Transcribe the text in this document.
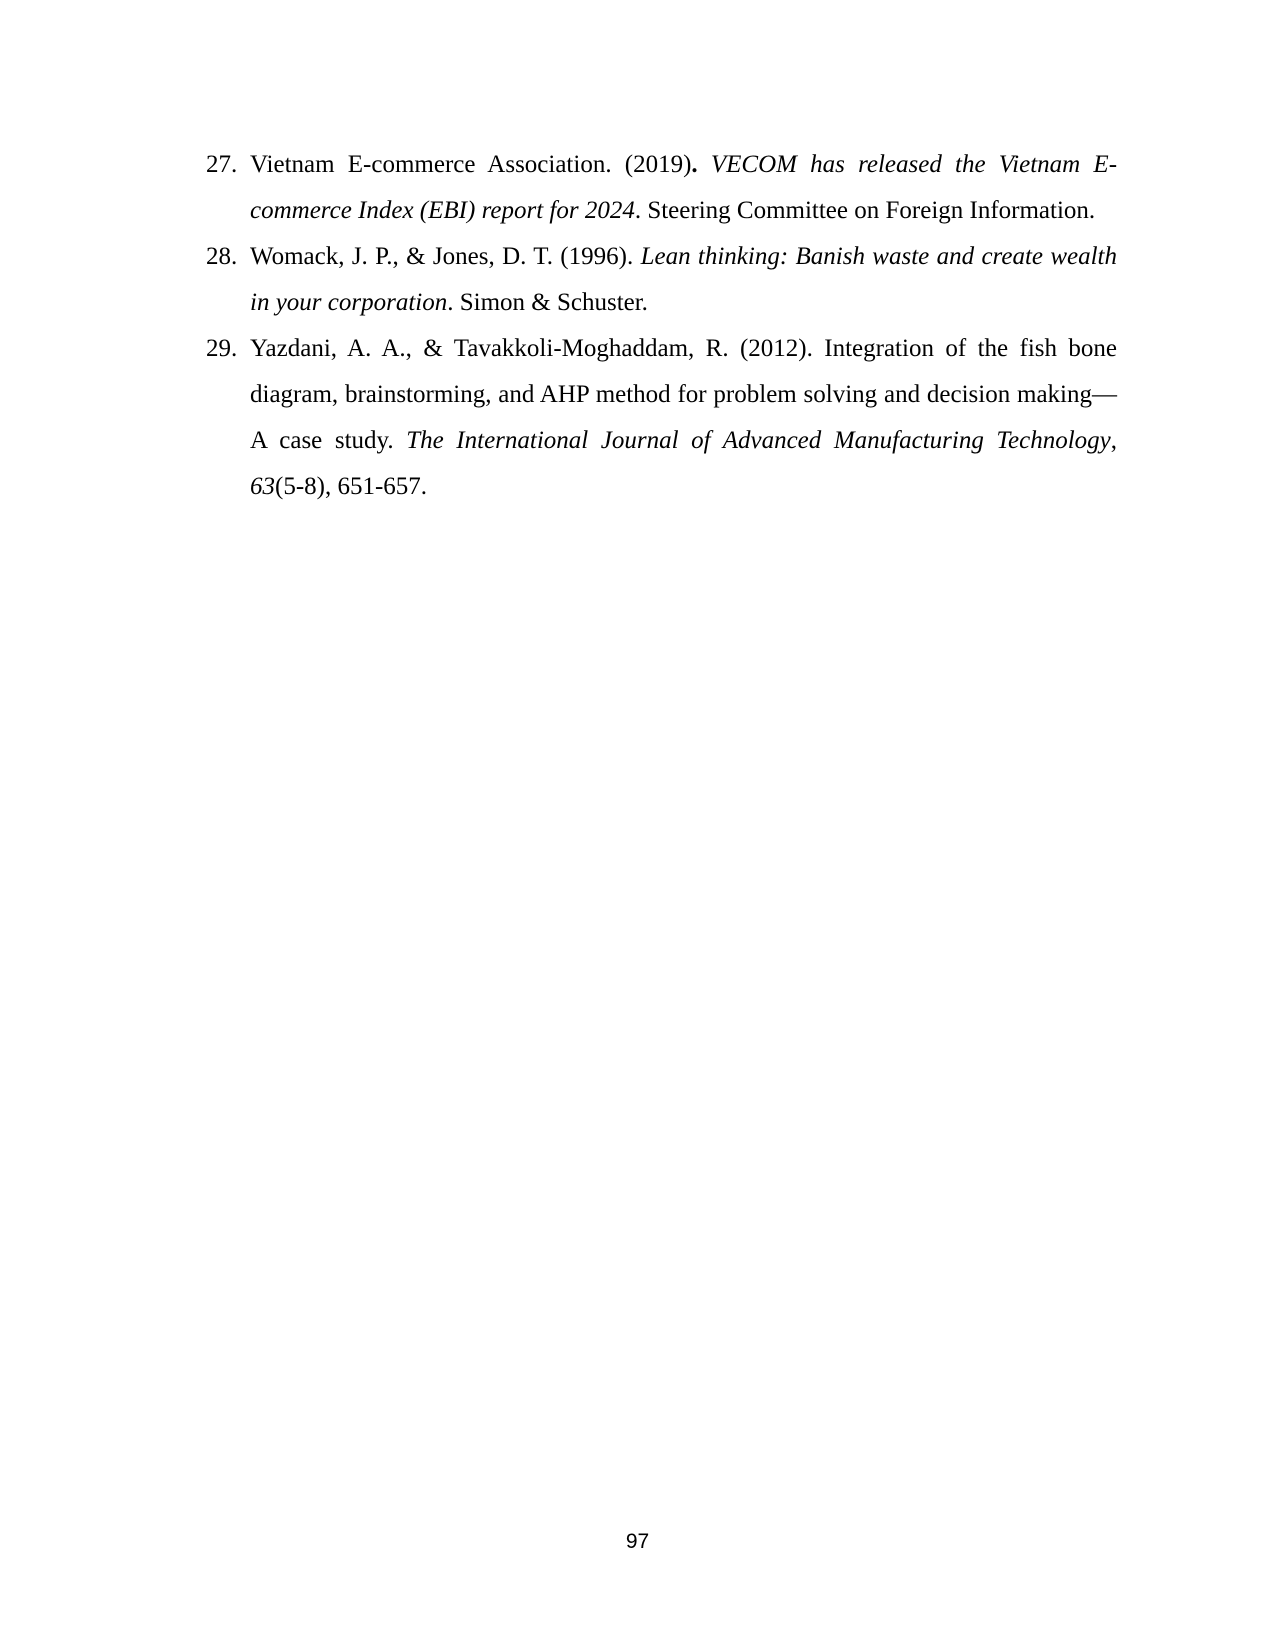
27. Vietnam E-commerce Association. (2019). VECOM has released the Vietnam E-commerce Index (EBI) report for 2024. Steering Committee on Foreign Information.
28. Womack, J. P., & Jones, D. T. (1996). Lean thinking: Banish waste and create wealth in your corporation. Simon & Schuster.
29. Yazdani, A. A., & Tavakkoli-Moghaddam, R. (2012). Integration of the fish bone diagram, brainstorming, and AHP method for problem solving and decision making—A case study. The International Journal of Advanced Manufacturing Technology, 63(5-8), 651-657.
97
